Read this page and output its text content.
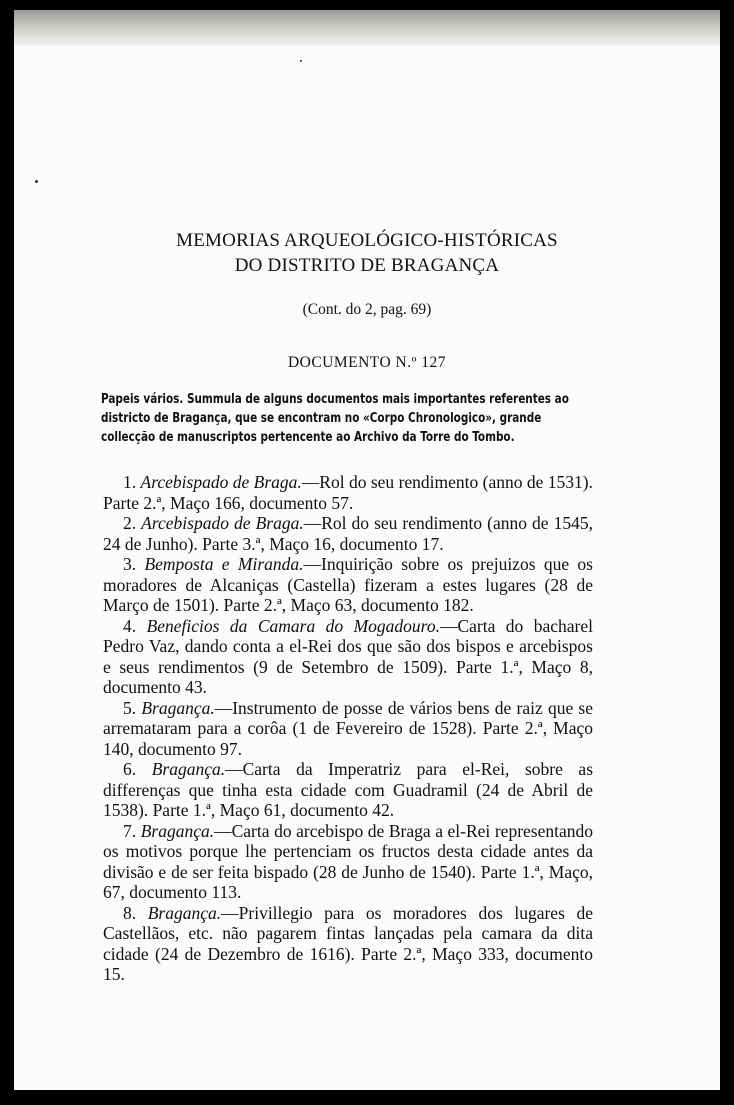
MEMORIAS ARQUEOLÓGICO-HISTÓRICAS
DO DISTRITO DE BRAGANÇA
(Cont. do 2, pag. 69)
DOCUMENTO N.º 127
Papeis vários. Summula de alguns documentos mais importantes referentes ao
districto de Bragança, que se encontram no «Corpo Chronologico», grande
collecção de manuscriptos pertencente ao Archivo da Torre do Tombo.

1. Arcebispado de Braga.—Rol do seu rendimento (anno de 1531). Parte 2.ª, Maço 166, documento 57.

2. Arcebispado de Braga.—Rol do seu rendimento (anno de 1545, 24 de Junho). Parte 3.ª, Maço 16, documento 17.

3. Bemposta e Miranda.—Inquirição sobre os prejuizos que os moradores de Alcaniças (Castella) fizeram a estes lugares (28 de Março de 1501). Parte 2.ª, Maço 63, documento 182.

4. Beneficios da Camara do Mogadouro.—Carta do bacharel Pedro Vaz, dando conta a el-Rei dos que são dos bispos e arcebispos e seus rendimentos (9 de Setembro de 1509). Parte 1.ª, Maço 8, documento 43.

5. Bragança.—Instrumento de posse de vários bens de raiz que se arremataram para a corôa (1 de Fevereiro de 1528). Parte 2.ª, Maço 140, documento 97.

6. Bragança.—Carta da Imperatriz para el-Rei, sobre as differenças que tinha esta cidade com Guadramil (24 de Abril de 1538). Parte 1.ª, Maço 61, documento 42.

7. Bragança.—Carta do arcebispo de Braga a el-Rei representando os motivos porque lhe pertenciam os fructos desta cidade antes da divisão e de ser feita bispado (28 de Junho de 1540). Parte 1.ª, Maço, 67, documento 113.

8. Bragança.—Privillegio para os moradores dos lugares de Castellãos, etc. não pagarem fintas lançadas pela camara da dita cidade (24 de Dezembro de 1616). Parte 2.ª, Maço 333, documento 15.
